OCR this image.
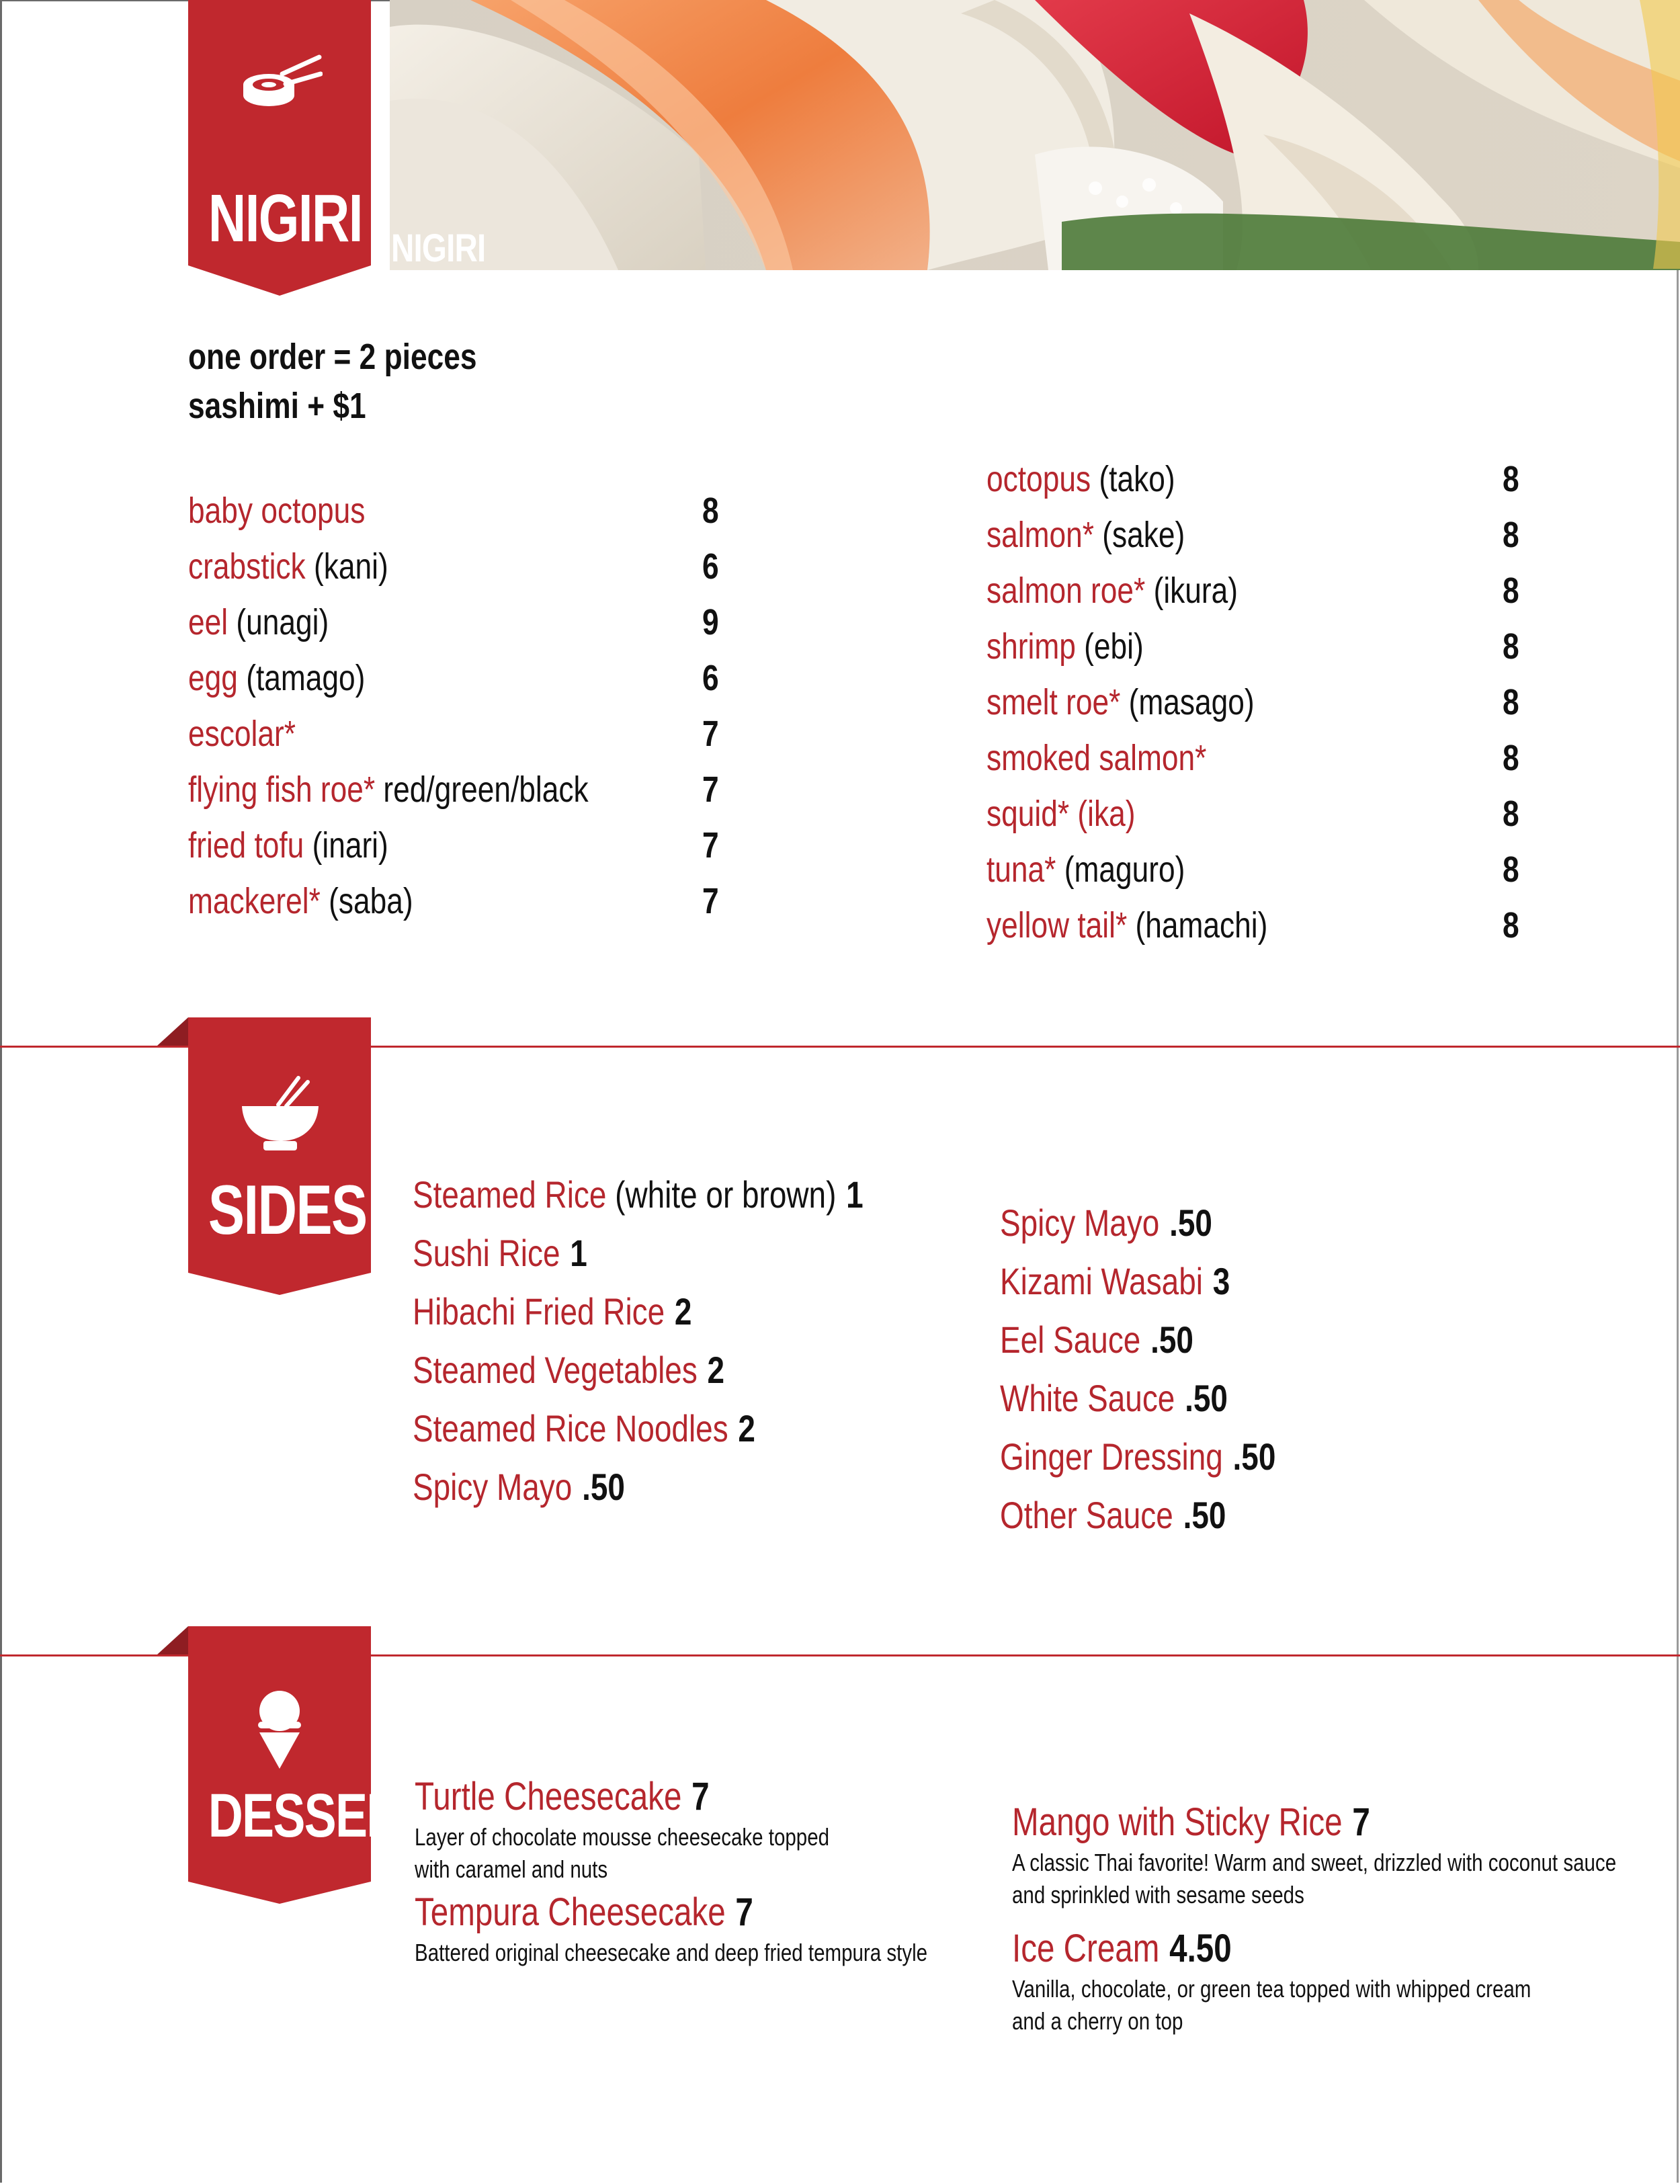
NIGIRI
NIGIRI
one order = 2 pieces
sashimi + $1
baby octopus	8
crabstick (kani)	6
eel (unagi)	9
egg (tamago)	6
escolar*	7
flying fish roe* red/green/black	7
fried tofu (inari)	7
mackerel* (saba)	7
octopus (tako)	8
salmon* (sake)	8
salmon roe* (ikura)	8
shrimp (ebi)	8
smelt roe* (masago)	8
smoked salmon*	8
squid* (ika)	8
tuna* (maguro)	8
yellow tail* (hamachi)	8
SIDES Steamed Rice (white or brown) 1
Sushi Rice 1
Hibachi Fried Rice 2
Steamed Vegetables 2
Steamed Rice Noodles 2
Spicy Mayo .50
Spicy Mayo .50
Kizami Wasabi 3
Eel Sauce .50
White Sauce .50
Ginger Dressing .50
Other Sauce .50
DESSERT
Turtle Cheesecake 7
Layer of chocolate mousse cheesecake topped
with caramel and nuts
Tempura Cheesecake 7
Battered original cheesecake and deep fried tempura style
Mango with Sticky Rice 7
A classic Thai favorite! Warm and sweet, drizzled with coconut sauce
and sprinkled with sesame seeds
Ice Cream 4.50
Vanilla, chocolate, or green tea topped with whipped cream
and a cherry on top
